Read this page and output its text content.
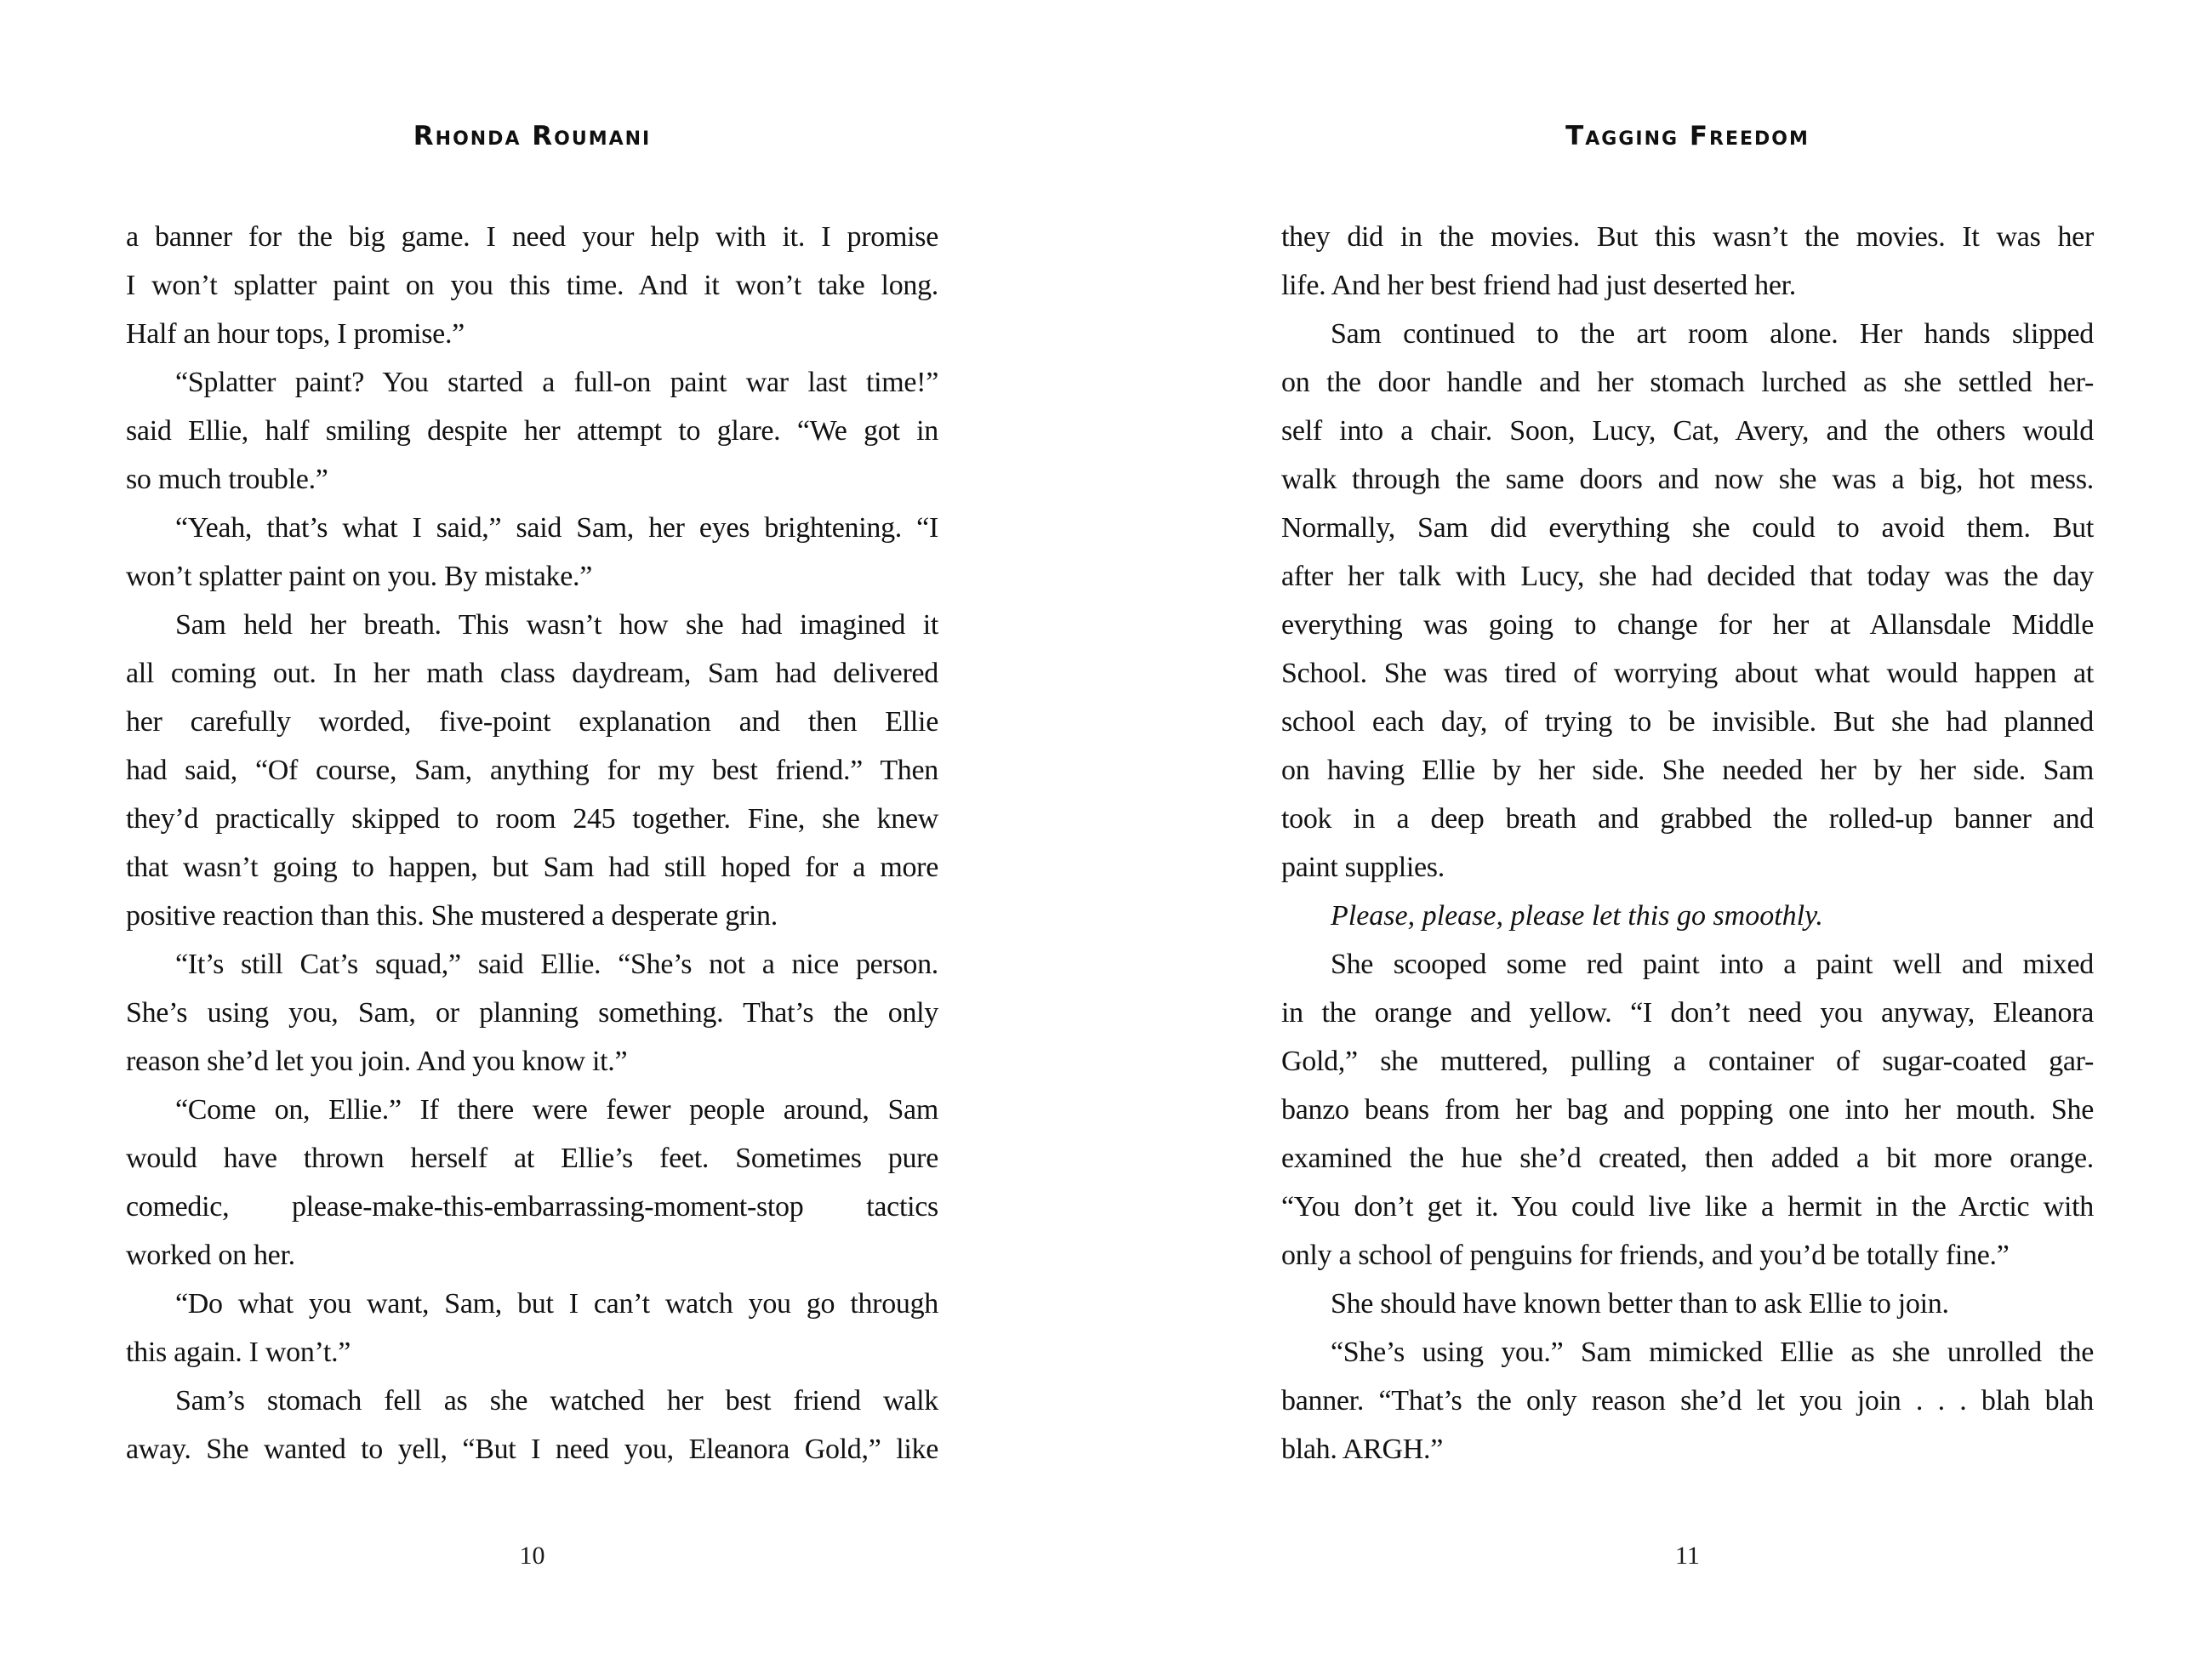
Rhonda Roumani

a banner for the big game. I need your help with it. I promise
I won’t splatter paint on you this time. And it won’t take long.
Half an hour tops, I promise.”

“Splatter paint? You started a full-on paint war last time!”
said Ellie, half smiling despite her attempt to glare. “We got in
so much trouble.”

“Yeah, that’s what I said,” said Sam, her eyes brightening. “I
won’t splatter paint on you. By mistake.”

Sam held her breath. This wasn’t how she had imagined it
all coming out. In her math class daydream, Sam had delivered
her carefully worded, five-point explanation and then Ellie
had said, “Of course, Sam, anything for my best friend.” Then
they’d practically skipped to room 245 together. Fine, she knew
that wasn’t going to happen, but Sam had still hoped for a more
positive reaction than this. She mustered a desperate grin.

“It’s still Cat’s squad,” said Ellie. “She’s not a nice person.
She’s using you, Sam, or planning something. That’s the only
reason she’d let you join. And you know it.”

“Come on, Ellie.” If there were fewer people around, Sam
would have thrown herself at Ellie’s feet. Sometimes pure
comedic, please-make-this-embarrassing-moment-stop tactics
worked on her.

“Do what you want, Sam, but I can’t watch you go through
this again. I won’t.”

Sam’s stomach fell as she watched her best friend walk
away. She wanted to yell, “But I need you, Eleanora Gold,” like

10
Tagging Freedom

they did in the movies. But this wasn’t the movies. It was her
life. And her best friend had just deserted her.

Sam continued to the art room alone. Her hands slipped
on the door handle and her stomach lurched as she settled her-
self into a chair. Soon, Lucy, Cat, Avery, and the others would
walk through the same doors and now she was a big, hot mess.
Normally, Sam did everything she could to avoid them. But
after her talk with Lucy, she had decided that today was the day
everything was going to change for her at Allansdale Middle
School. She was tired of worrying about what would happen at
school each day, of trying to be invisible. But she had planned
on having Ellie by her side. She needed her by her side. Sam
took in a deep breath and grabbed the rolled-up banner and
paint supplies.

Please, please, please let this go smoothly.

She scooped some red paint into a paint well and mixed
in the orange and yellow. “I don’t need you anyway, Eleanora
Gold,” she muttered, pulling a container of sugar-coated gar-
banzo beans from her bag and popping one into her mouth. She
examined the hue she’d created, then added a bit more orange.
“You don’t get it. You could live like a hermit in the Arctic with
only a school of penguins for friends, and you’d be totally fine.”

She should have known better than to ask Ellie to join.

“She’s using you.” Sam mimicked Ellie as she unrolled the
banner. “That’s the only reason she’d let you join . . . blah blah
blah. ARGH.”

11
